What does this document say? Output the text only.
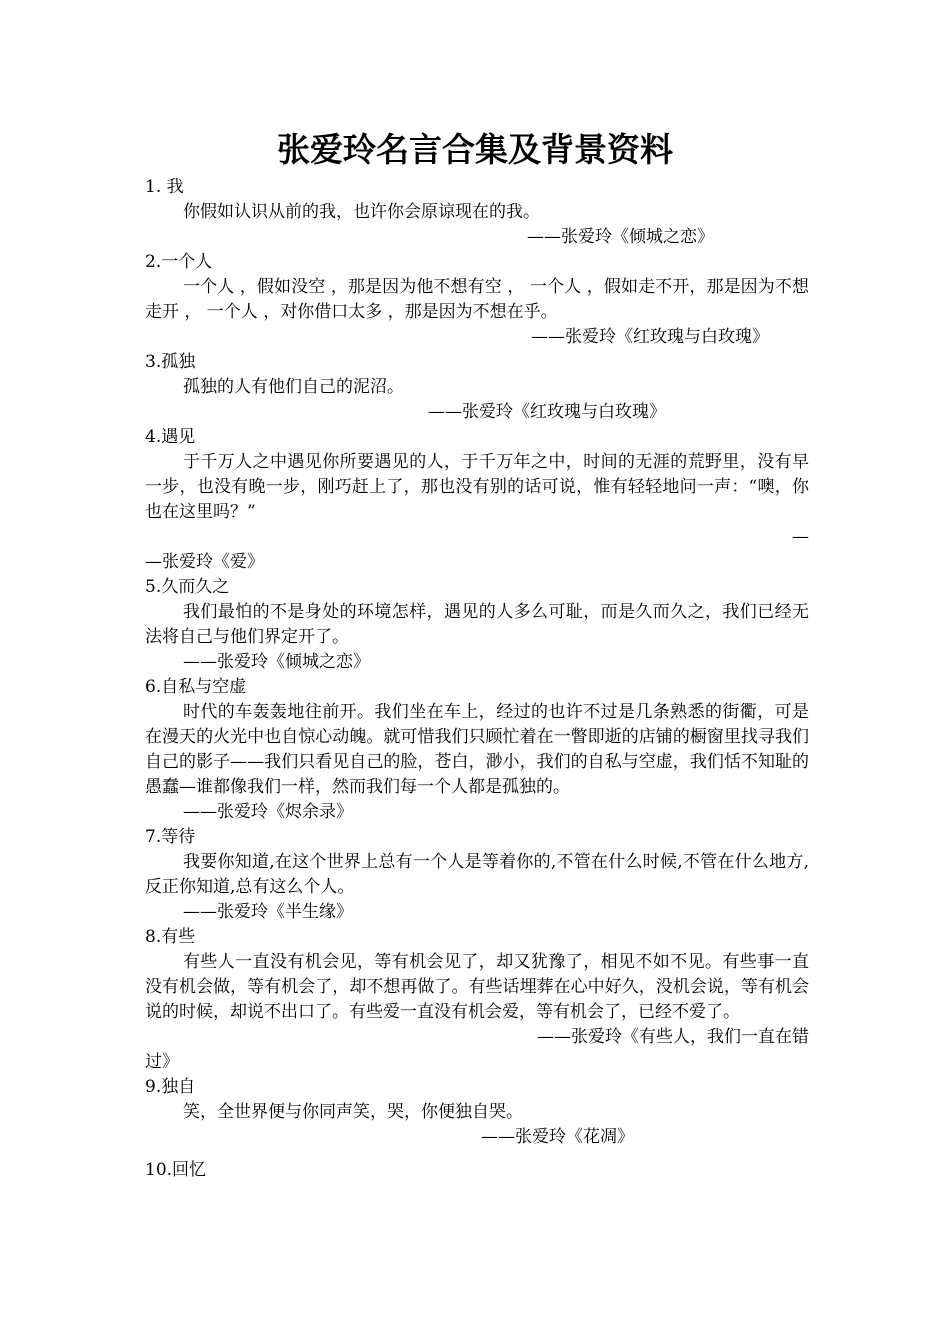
张爱玲名言合集及背景资料

1. 我

你假如认识从前的我，也许你会原谅现在的我。

——张爱玲《倾城之恋》

2.一个人

一个人 ，假如没空 ，那是因为他不想有空 ， 一个人 ，假如走不开，那是因为不想走开 ， 一个人 ，对你借口太多 ，那是因为不想在乎。

——张爱玲《红玫瑰与白玫瑰》

3.孤独

孤独的人有他们自己的泥沼。

——张爱玲《红玫瑰与白玫瑰》

4.遇见

于千万人之中遇见你所要遇见的人，于千万年之中，时间的无涯的荒野里，没有早一步，也没有晚一步，刚巧赶上了，那也没有别的话可说，惟有轻轻地问一声：“噢，你也在这里吗？”

—

—张爱玲《爱》

5.久而久之

我们最怕的不是身处的环境怎样，遇见的人多么可耻，而是久而久之，我们已经无法将自己与他们界定开了。

——张爱玲《倾城之恋》

6.自私与空虚

时代的车轰轰地往前开。我们坐在车上，经过的也许不过是几条熟悉的街衢，可是在漫天的火光中也自惊心动魄。就可惜我们只顾忙着在一瞥即逝的店铺的橱窗里找寻我们自己的影子——我们只看见自己的脸，苍白，渺小，我们的自私与空虚，我们恬不知耻的愚蠢—谁都像我们一样，然而我们每一个人都是孤独的。

——张爱玲《烬余录》

7.等待

我要你知道,在这个世界上总有一个人是等着你的,不管在什么时候,不管在什么地方,反正你知道,总有这么个人。

——张爱玲《半生缘》

8.有些

有些人一直没有机会见，等有机会见了，却又犹豫了，相见不如不见。有些事一直没有机会做，等有机会了，却不想再做了。有些话埋葬在心中好久，没机会说，等有机会说的时候，却说不出口了。有些爱一直没有机会爱，等有机会了，已经不爱了。

——张爱玲《有些人，我们一直在错

过》

9.独自

笑，全世界便与你同声笑，哭，你便独自哭。

——张爱玲《花凋》

10.回忆
